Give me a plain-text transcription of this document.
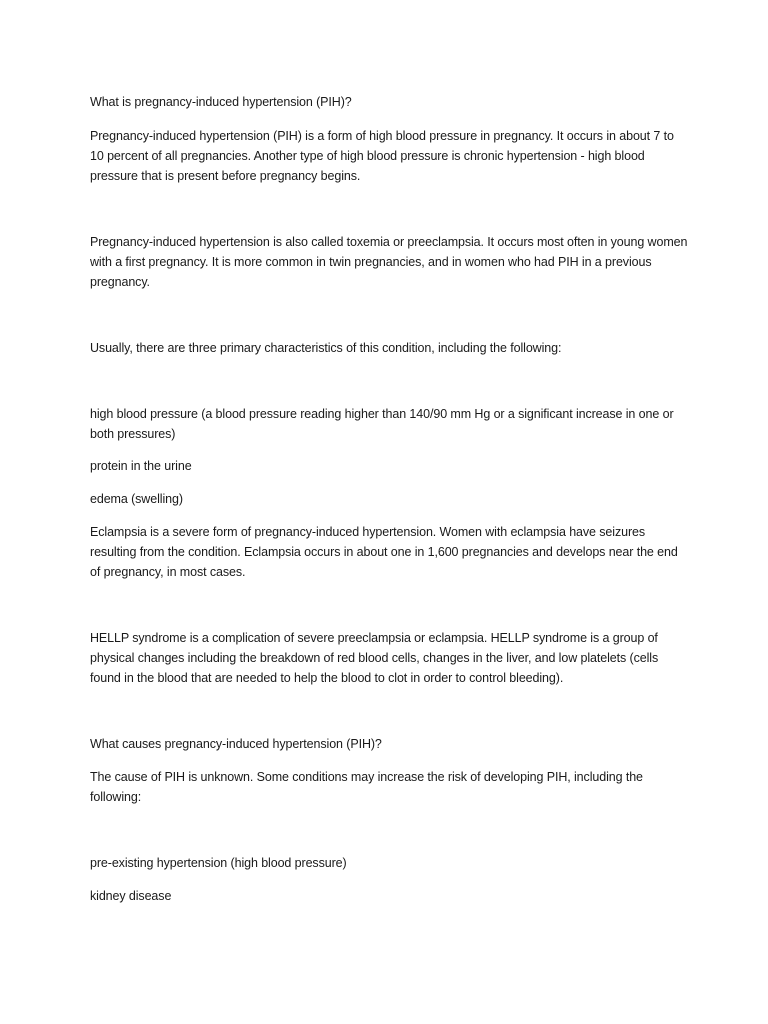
What is pregnancy-induced hypertension (PIH)?

Pregnancy-induced hypertension (PIH) is a form of high blood pressure in pregnancy. It occurs in about 7 to 10 percent of all pregnancies. Another type of high blood pressure is chronic hypertension - high blood pressure that is present before pregnancy begins.

Pregnancy-induced hypertension is also called toxemia or preeclampsia. It occurs most often in young women with a first pregnancy. It is more common in twin pregnancies, and in women who had PIH in a previous pregnancy.

Usually, there are three primary characteristics of this condition, including the following:

high blood pressure (a blood pressure reading higher than 140/90 mm Hg or a significant increase in one or both pressures)

protein in the urine

edema (swelling)

Eclampsia is a severe form of pregnancy-induced hypertension. Women with eclampsia have seizures resulting from the condition. Eclampsia occurs in about one in 1,600 pregnancies and develops near the end of pregnancy, in most cases.

HELLP syndrome is a complication of severe preeclampsia or eclampsia. HELLP syndrome is a group of physical changes including the breakdown of red blood cells, changes in the liver, and low platelets (cells found in the blood that are needed to help the blood to clot in order to control bleeding).

What causes pregnancy-induced hypertension (PIH)?

The cause of PIH is unknown. Some conditions may increase the risk of developing PIH, including the following:

pre-existing hypertension (high blood pressure)

kidney disease
